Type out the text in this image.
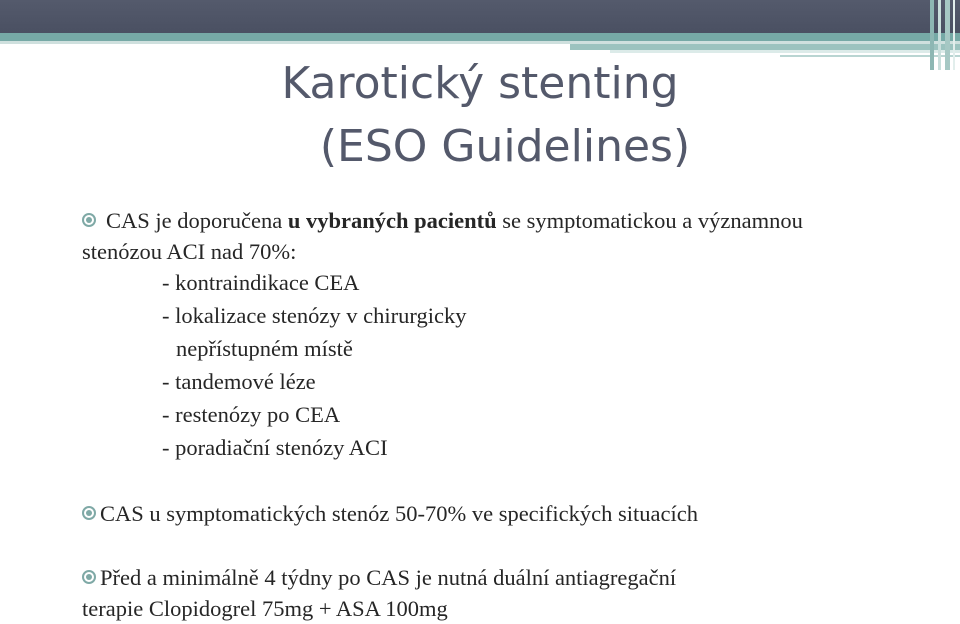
Karotický stenting
(ESO Guidelines)
CAS je doporučena u vybraných pacientů se symptomatickou a významnou stenózou ACI nad 70%:
- kontraindikace CEA
- lokalizace stenózy v chirurgicky
nepřístupném místě
- tandemové léze
- restenózy po CEA
- poradiační stenózy ACI
CAS u symptomatických stenóz 50-70% ve specifických situacích
Před a minimálně 4 týdny po CAS je nutná duální antiagregační
terapie Clopidogrel 75mg + ASA 100mg
